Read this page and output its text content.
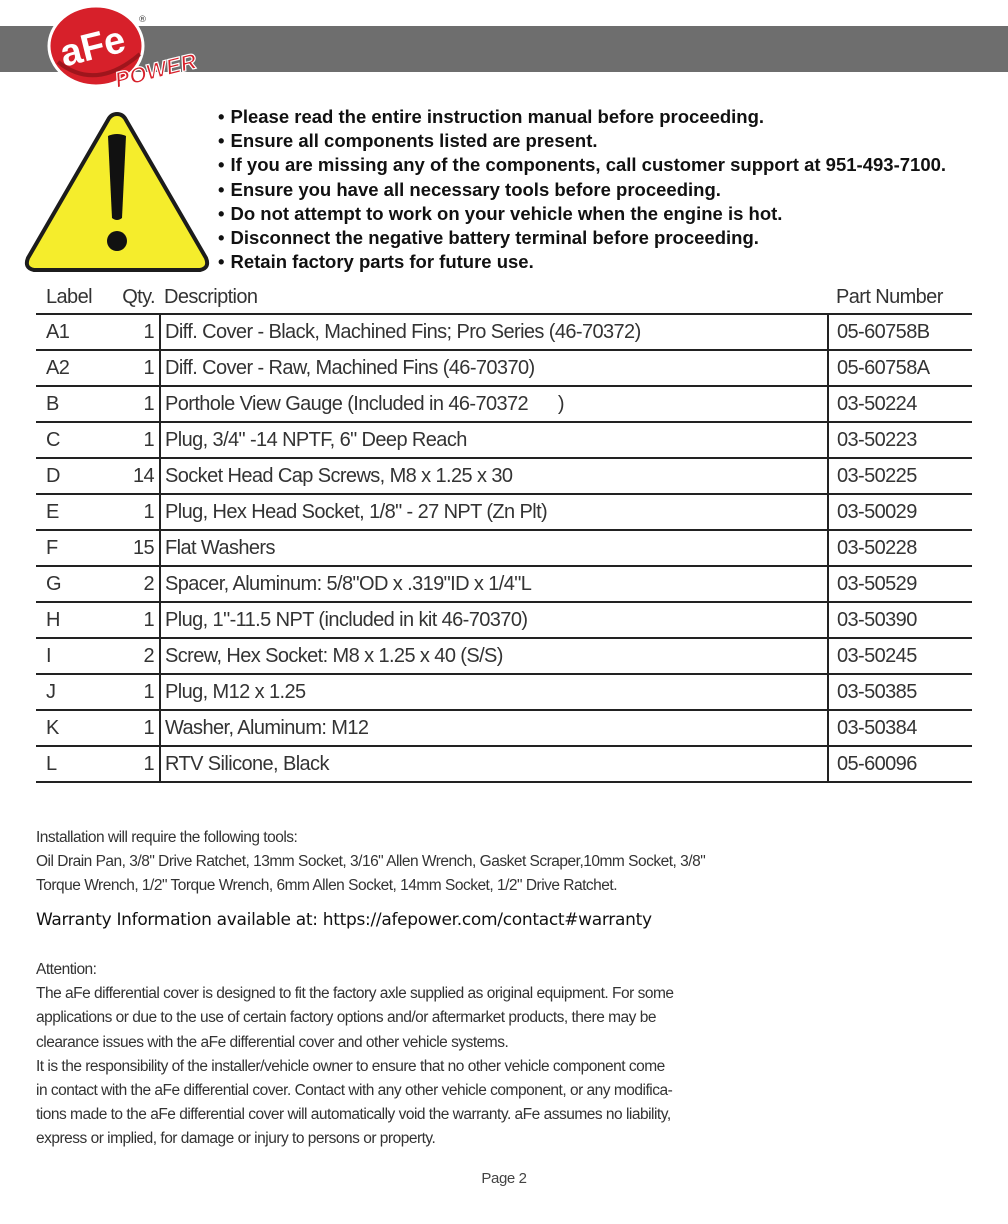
aFe
POWER
®
• Please read the entire instruction manual before proceeding.
• Ensure all components listed are present.
• If you are missing any of the components, call customer support at 951-493-7100.
• Ensure you have all necessary tools before proceeding.
• Do not attempt to work on your vehicle when the engine is hot.
• Disconnect the negative battery terminal before proceeding.
• Retain factory parts for future use.
Label	Qty.	Description	Part Number
A1	1	Diff. Cover - Black, Machined Fins; Pro Series (46-70372)	05-60758B
A2	1	Diff. Cover - Raw, Machined Fins (46-70370)	05-60758A
B	1	Porthole View Gauge (Included in 46-70372      )	03-50224
C	1	Plug, 3/4" -14 NPTF, 6" Deep Reach	03-50223
D	14	Socket Head Cap Screws, M8 x 1.25 x 30	03-50225
E	1	Plug, Hex Head Socket, 1/8" - 27 NPT (Zn Plt)	03-50029
F	15	Flat Washers	03-50228
G	2	Spacer, Aluminum: 5/8"OD x .319"ID x 1/4"L	03-50529
H	1	Plug, 1"-11.5 NPT (included in kit 46-70370)	03-50390
I	2	Screw, Hex Socket: M8 x 1.25 x 40 (S/S)	03-50245
J	1	Plug, M12 x 1.25	03-50385
K	1	Washer, Aluminum: M12	03-50384
L	1	RTV Silicone, Black	05-60096
Installation will require the following tools:
Oil Drain Pan, 3/8" Drive Ratchet, 13mm Socket, 3/16" Allen Wrench, Gasket Scraper,10mm Socket, 3/8"
Torque Wrench, 1/2" Torque Wrench, 6mm Allen Socket, 14mm Socket, 1/2" Drive Ratchet.
Warranty Information available at: https://afepower.com/contact#warranty

Attention:

The aFe differential cover is designed to fit the factory axle supplied as original equipment. For some

applications or due to the use of certain factory options and/or aftermarket products, there may be

clearance issues with the aFe differential cover and other vehicle systems.

It is the responsibility of the installer/vehicle owner to ensure that no other vehicle component come

in contact with the aFe differential cover. Contact with any other vehicle component, or any modifica-

tions made to the aFe differential cover will automatically void the warranty. aFe assumes no liability,

express or implied, for damage or injury to persons or property.

Page 2
